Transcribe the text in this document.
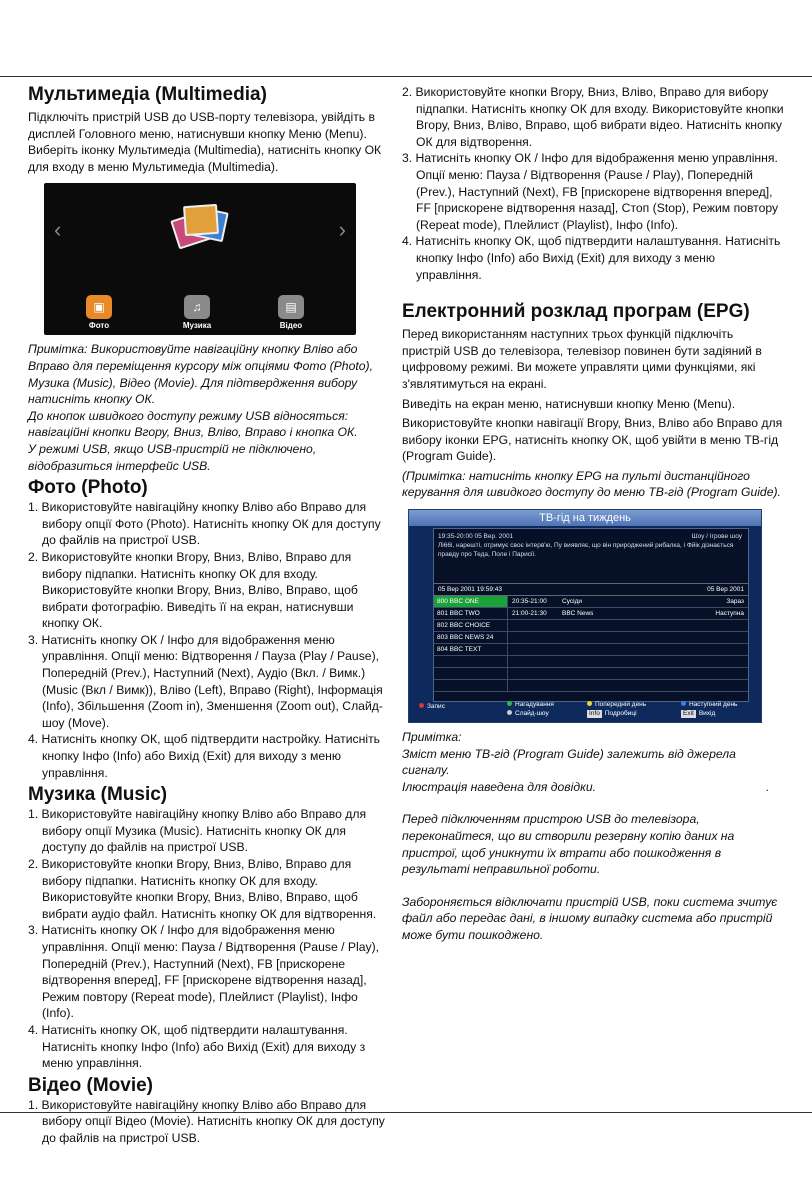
Мультимедіа (Multimedia)

Підключіть пристрій USB до USB-порту телевізора, увійдіть в дисплей Головного меню, натиснувши кнопку Меню (Menu). Виберіть іконку Мультимедіа (Multimedia), натисніть кнопку ОК для входу в меню Мультимедіа (Multimedia).

‹	›
▣
Фото
♫
Музика
▤
Відео

Примітка: Використовуйте навігаційну кнопку Вліво або Вправо для переміщення курсору між опціями Фото (Photo), Музика (Music), Відео (Movie). Для підтвердження вибору натисніть кнопку ОК.

До кнопок швидкого доступу режиму USB відносяться: навігаційні кнопки Вгору, Вниз, Вліво, Вправо і кнопка ОК.

У режимі USB, якщо USB-пристрій не підключено, відобразиться інтерфейс USB.

Фото (Photo)

1. Використовуйте навігаційну кнопку Вліво або Вправо для вибору опції Фото (Photo). Натисніть кнопку ОК для доступу до файлів на пристрої USB.

2. Використовуйте кнопки Вгору, Вниз, Вліво, Вправо для вибору підпапки. Натисніть кнопку ОК для входу. Використовуйте кнопки Вгору, Вниз, Вліво, Вправо, щоб вибрати фотографію. Виведіть її на екран, натиснувши кнопку ОК.

3. Натисніть кнопку ОК / Інфо для відображення меню управління. Опції меню: Відтворення / Пауза (Play / Pause), Попередній (Prev.), Наступний (Next), Аудіо (Вкл. / Вимк.) (Music (Вкл / Вимк)), Вліво (Left), Вправо (Right), Інформація (Info), Збільшення (Zoom in), Зменшення (Zoom out), Слайд-шоу (Move).

4. Натисніть кнопку ОК, щоб підтвердити настройку. Натисніть кнопку Інфо (Info) або Вихід (Exit) для виходу з меню управління.

Музика (Music)

1. Використовуйте навігаційну кнопку Вліво або Вправо для вибору опції Музика (Music). Натисніть кнопку ОК для доступу до файлів на пристрої USB.

2. Використовуйте кнопки Вгору, Вниз, Вліво, Вправо для вибору підпапки. Натисніть кнопку ОК для входу. Використовуйте кнопки Вгору, Вниз, Вліво, Вправо, щоб вибрати аудіо файл. Натисніть кнопку ОК для відтворення.

3. Натисніть кнопку ОК / Інфо для відображення меню управління. Опції меню: Пауза / Відтворення (Pause / Play), Попередній (Prev.), Наступний (Next), FB [прискорене відтворення вперед], FF [прискорене відтворення назад], Режим повтору (Repeat mode), Плейлист (Playlist), Інфо (Info).

4. Натисніть кнопку ОК, щоб підтвердити налаштування. Натисніть кнопку Інфо (Info) або Вихід (Exit) для виходу з меню управління.

Відео (Movie)

1. Використовуйте навігаційну кнопку Вліво або Вправо для вибору опції Відео (Movie). Натисніть кнопку ОК для доступу до файлів на пристрої USB.

2. Використовуйте кнопки Вгору, Вниз, Вліво, Вправо для вибору підпапки. Натисніть кнопку ОК для входу. Використовуйте кнопки Вгору, Вниз, Вліво, Вправо, щоб вибрати відео. Натисніть кнопку ОК для відтворення.

3. Натисніть кнопку ОК / Інфо для відображення меню управління. Опції меню: Пауза / Відтворення (Pause / Play), Попередній (Prev.), Наступний (Next), FB [прискорене відтворення вперед], FF [прискорене відтворення назад], Стоп (Stop), Режим повтору (Repeat mode), Плейлист (Playlist), Інфо (Info).

4. Натисніть кнопку ОК, щоб підтвердити налаштування. Натисніть кнопку Інфо (Info) або Вихід (Exit) для виходу з меню управління.

Електронний розклад програм (EPG)

Перед використанням наступних трьох функцій підключіть пристрій USB до телевізора, телевізор повинен бути задіяний в цифровому режимі. Ви можете управляти цими функціями, які з'являтимуться на екрані.

Виведіть на екран меню, натиснувши кнопку Меню (Menu).

Використовуйте кнопки навігації Вгору, Вниз, Вліво або Вправо для вибору іконки EPG, натисніть кнопку ОК, щоб увійти в меню ТВ-гід (Program Guide).

(Примітка: натисніть кнопку EPG на пульті дистанційного керування для швидкого доступу до меню ТВ-гід (Program Guide).

ТВ-гід на тиждень
19:35-20:00 05 Вер. 2001	Шоу / Ігрове шоу
Лі66і, нарешті, отримує своє інтерв'ю, Пу виявляє, що він природжений рибалка, і Фйік дізнається правду про Теда, Поле і Парисії.
05 Вер 2001 19:59:43	05 Вер 2001
800 BBC ONE	20:35-21:00	Сусіди	Зараз
801 BBC TWO	21:00-21:30	BBC News	Наступна
802 BBC CHOICE
803 BBC NEWS 24
804 BBC TEXT
Запис	Нагадування
Слайд-шоу
Попередній день
Info Подробиці
Наступний день
Exit Вихід

Примітка:

Зміст меню ТВ-гід (Program Guide) залежить від джерела сигналу.

Ілюстрація наведена для довідки.	.

Перед підключенням пристрою USB до телевізора, переконайтеся, що ви створили резервну копію даних на пристрої, щоб уникнути їх втрати або пошкодження в результаті неправильної роботи.

Забороняється відключати пристрій USB, поки система зчитує файл або передає дані, в іншому випадку система або пристрій може бути пошкоджено.
